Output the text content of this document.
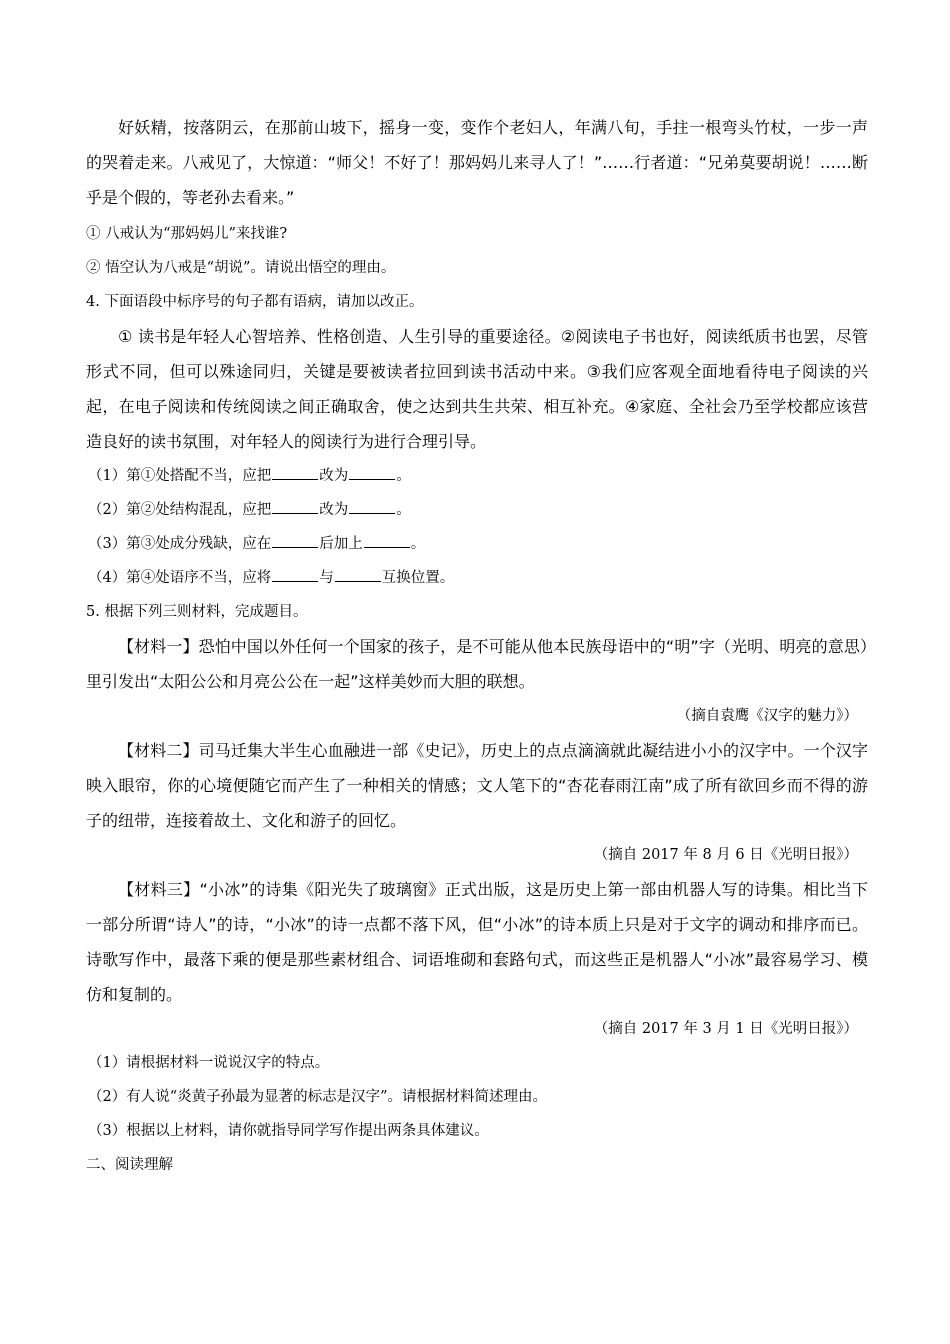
好妖精，按落阴云，在那前山坡下，摇身一变，变作个老妇人，年满八旬，手拄一根弯头竹杖，一步一声的哭着走来。八戒见了，大惊道：“师父！不好了！那妈妈儿来寻人了！”……行者道：“兄弟莫要胡说！……断乎是个假的，等老孙去看来。”

① 八戒认为“那妈妈儿”来找谁?

② 悟空认为八戒是“胡说”。请说出悟空的理由。

4. 下面语段中标序号的句子都有语病，请加以改正。

① 读书是年轻人心智培养、性格创造、人生引导的重要途径。②阅读电子书也好，阅读纸质书也罢，尽管形式不同，但可以殊途同归，关键是要被读者拉回到读书活动中来。③我们应客观全面地看待电子阅读的兴起，在电子阅读和传统阅读之间正确取舍，使之达到共生共荣、相互补充。④家庭、全社会乃至学校都应该营造良好的读书氛围，对年轻人的阅读行为进行合理引导。

（1）第①处搭配不当，应把	改为	。

（2）第②处结构混乱，应把	改为	。

（3）第③处成分残缺，应在	后加上	。

（4）第④处语序不当，应将	与	互换位置。

5. 根据下列三则材料，完成题目。

【材料一】恐怕中国以外任何一个国家的孩子，是不可能从他本民族母语中的“明”字（光明、明亮的意思）里引发出“太阳公公和月亮公公在一起”这样美妙而大胆的联想。

（摘自袁鹰《汉字的魅力》）

【材料二】司马迁集大半生心血融进一部《史记》，历史上的点点滴滴就此凝结进小小的汉字中。一个汉字映入眼帘，你的心境便随它而产生了一种相关的情感；文人笔下的“杏花春雨江南”成了所有欲回乡而不得的游子的纽带，连接着故土、文化和游子的回忆。

（摘自 2017 年 8 月 6 日《光明日报》）

【材料三】“小冰”的诗集《阳光失了玻璃窗》正式出版，这是历史上第一部由机器人写的诗集。相比当下一部分所谓“诗人”的诗，“小冰”的诗一点都不落下风，但“小冰”的诗本质上只是对于文字的调动和排序而已。诗歌写作中，最落下乘的便是那些素材组合、词语堆砌和套路句式，而这些正是机器人“小冰”最容易学习、模仿和复制的。

（摘自 2017 年 3 月 1 日《光明日报》）

（1）请根据材料一说说汉字的特点。

（2）有人说“炎黄子孙最为显著的标志是汉字”。请根据材料简述理由。

（3）根据以上材料，请你就指导同学写作提出两条具体建议。

二、阅读理解
